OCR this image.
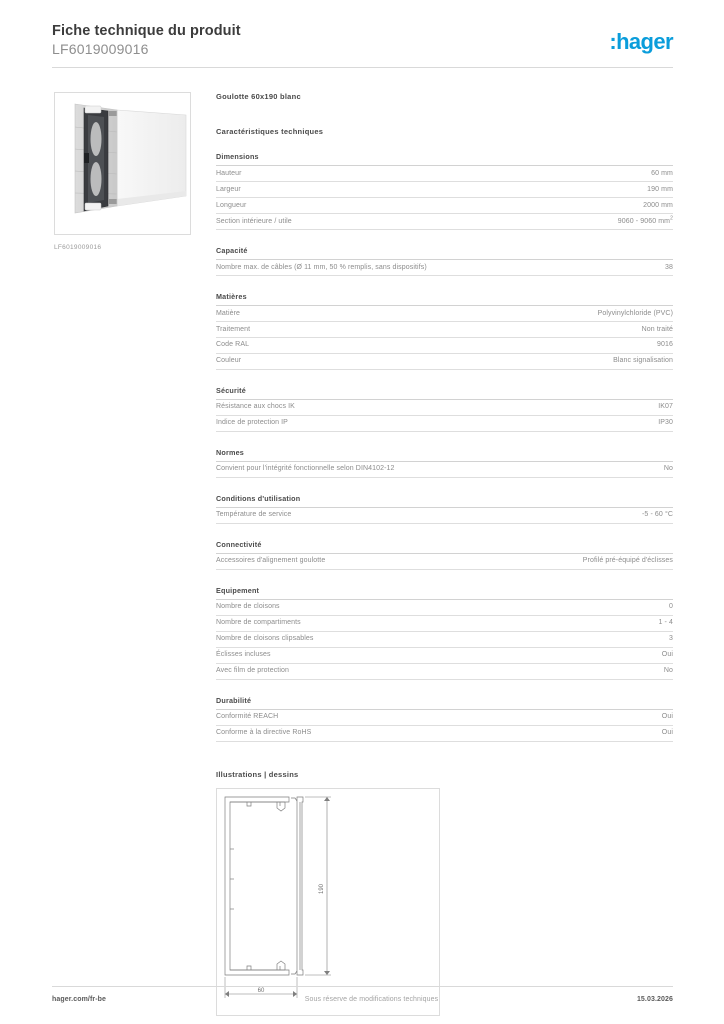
Fiche technique du produit
LF6019009016	:hager
LF6019009016
Goulotte 60x190 blanc
Caractéristiques techniques
Dimensions
Hauteur	60 mm
Largeur	190 mm
Longueur	2000 mm
Section intérieure / utile	9060 - 9060 $mm^2$
Capacité
Nombre max. de câbles (Ø 11 mm, 50 % remplis, sans dispositifs)	38
Matières
Matière	Polyvinylchloride (PVC)
Traitement	Non traité
Code RAL	9016
Couleur	Blanc signalisation
Sécurité
Résistance aux chocs IK	IK07
Indice de protection IP	IP30
Normes
Convient pour l'intégrité fonctionnelle selon DIN4102-12	No
Conditions d'utilisation
Température de service	-5 - 60 °C
Connectivité
Accessoires d'alignement goulotte	Profilé pré-équipé d'éclisses
Equipement
Nombre de cloisons	0
Nombre de compartiments	1 - 4
Nombre de cloisons clipsables	3
Éclisses incluses	Oui
Avec film de protection	No
Durabilité
Conformité REACH	Oui
Conforme à la directive RoHS	Oui
Illustrations | dessins
190
60
hager.com/fr-be	Sous réserve de modifications techniques	15.03.2026
